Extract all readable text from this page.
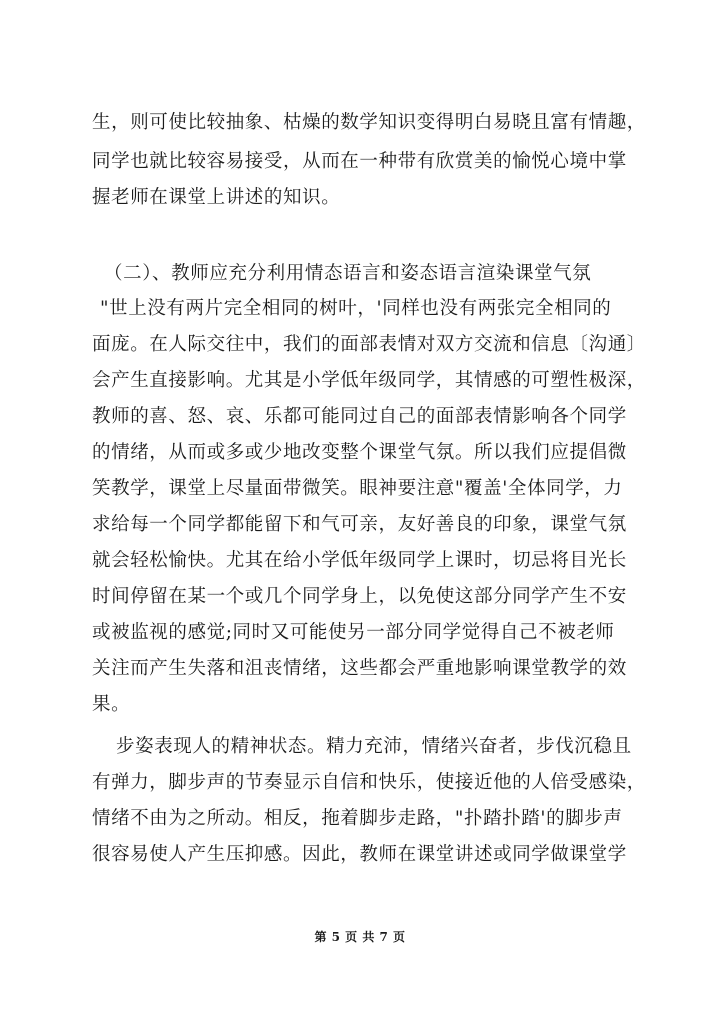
生，则可使比较抽象、枯燥的数学知识变得明白易晓且富有情趣，
同学也就比较容易接受，从而在一种带有欣赏美的愉悦心境中掌
握老师在课堂上讲述的知识。
（二）、教师应充分利用情态语言和姿态语言渲染课堂气氛
"世上没有两片完全相同的树叶，'同样也没有两张完全相同的
面庞。在人际交往中，我们的面部表情对双方交流和信息〔沟通〕
会产生直接影响。尤其是小学低年级同学，其情感的可塑性极深，
教师的喜、怒、哀、乐都可能同过自己的面部表情影响各个同学
的情绪，从而或多或少地改变整个课堂气氛。所以我们应提倡微
笑教学，课堂上尽量面带微笑。眼神要注意"覆盖'全体同学，力
求给每一个同学都能留下和气可亲，友好善良的印象，课堂气氛
就会轻松愉快。尤其在给小学低年级同学上课时，切忌将目光长
时间停留在某一个或几个同学身上，以免使这部分同学产生不安
或被监视的感觉;同时又可能使另一部分同学觉得自己不被老师
关注而产生失落和沮丧情绪，这些都会严重地影响课堂教学的效
果。
步姿表现人的精神状态。精力充沛，情绪兴奋者，步伐沉稳且
有弹力，脚步声的节奏显示自信和快乐，使接近他的人倍受感染，
情绪不由为之所动。相反，拖着脚步走路，"扑踏扑踏'的脚步声
很容易使人产生压抑感。因此，教师在课堂讲述或同学做课堂学
第 5 页 共 7 页
